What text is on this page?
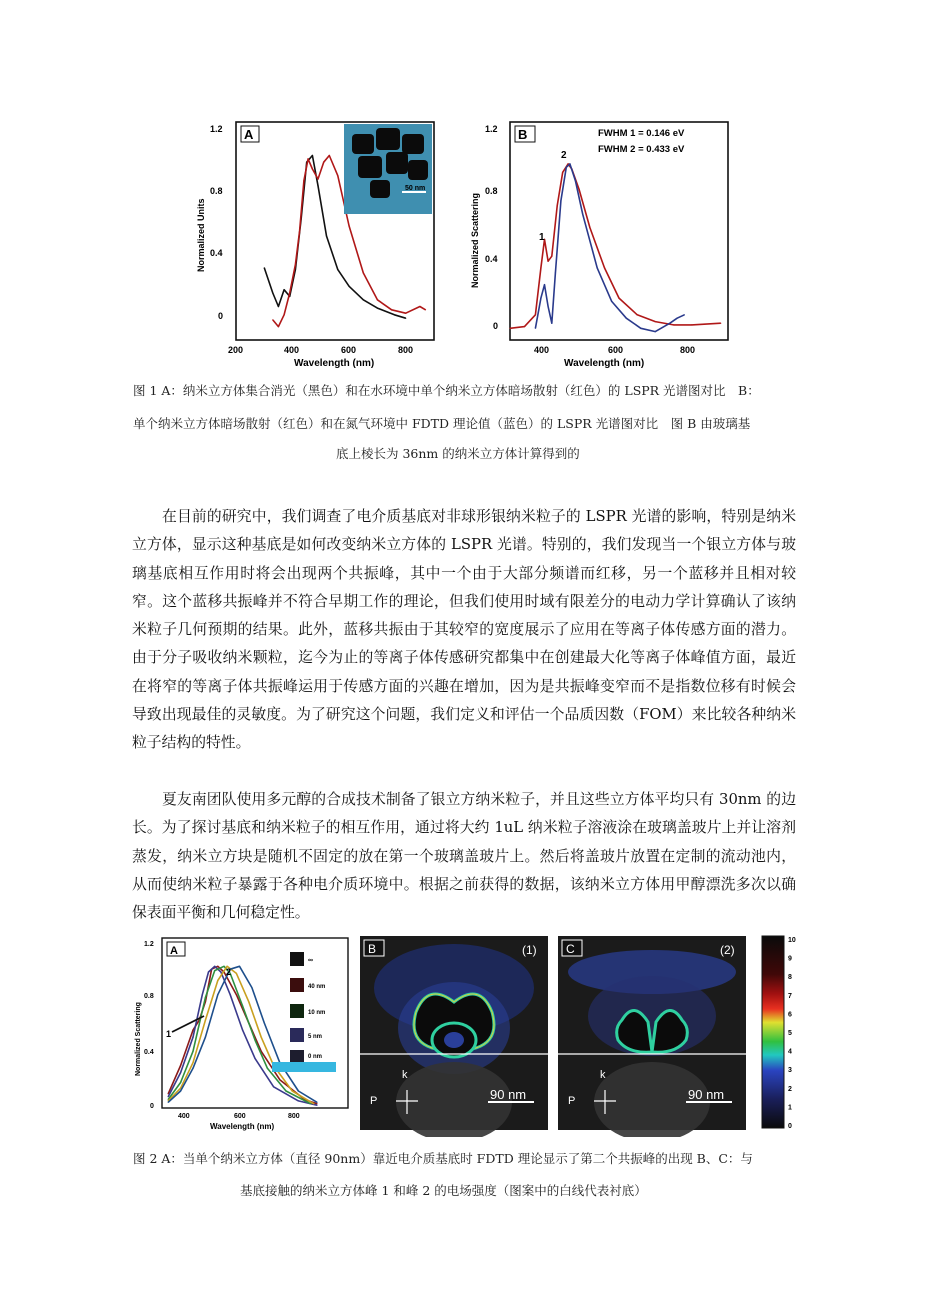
50 nm
A
1.2
0.8
0.4
0
200	400	600	800
Wavelength (nm)
Normalized Units
B	FWHM 1 = 0.146 eV
FWHM 2 = 0.433 eV
1
2
1.2
0.8
0.4
0
400	600	800
Wavelength (nm)
Normalized Scattering
图 1 A：纳米立方体集合消光（黑色）和在水环境中单个纳米立方体暗场散射（红色）的 LSPR 光谱图对比　B：
单个纳米立方体暗场散射（红色）和在氮气环境中 FDTD 理论值（蓝色）的 LSPR 光谱图对比　图 B 由玻璃基
底上棱长为 36nm 的纳米立方体计算得到的
在目前的研究中，我们调查了电介质基底对非球形银纳米粒子的 LSPR 光谱的影响，特别是纳米立方体，显示这种基底是如何改变纳米立方体的 LSPR 光谱。特别的，我们发现当一个银立方体与玻璃基底相互作用时将会出现两个共振峰，其中一个由于大部分频谱而红移，另一个蓝移并且相对较窄。这个蓝移共振峰并不符合早期工作的理论，但我们使用时域有限差分的电动力学计算确认了该纳米粒子几何预期的结果。此外，蓝移共振由于其较窄的宽度展示了应用在等离子体传感方面的潜力。由于分子吸收纳米颗粒，迄今为止的等离子体传感研究都集中在创建最大化等离子体峰值方面，最近在将窄的等离子体共振峰运用于传感方面的兴趣在增加，因为是共振峰变窄而不是指数位移有时候会导致出现最佳的灵敏度。为了研究这个问题，我们定义和评估一个品质因数（FOM）来比较各种纳米粒子结构的特性。
夏友南团队使用多元醇的合成技术制备了银立方纳米粒子，并且这些立方体平均只有 30nm 的边长。为了探讨基底和纳米粒子的相互作用，通过将大约 1uL 纳米粒子溶液涂在玻璃盖玻片上并让溶剂蒸发，纳米立方块是随机不固定的放在第一个玻璃盖玻片上。然后将盖玻片放置在定制的流动池内，从而使纳米粒子暴露于各种电介质环境中。根据之前获得的数据，该纳米立方体用甲醇漂洗多次以确保表面平衡和几何稳定性。
A
1
2
∞
40 nm
10 nm
5 nm
0 nm
1.2
0.8
0.4
0
400	600	800
Wavelength (nm)
Normalized Scattering
B	(1)
k
P	90 nm
C	(2)
k
P	90 nm
10
9
8
7
6
5
4
3
2
1
0
图 2 A：当单个纳米立方体（直径 90nm）靠近电介质基底时 FDTD 理论显示了第二个共振峰的出现 B、C：与
基底接触的纳米立方体峰 1 和峰 2 的电场强度（图案中的白线代表衬底）
